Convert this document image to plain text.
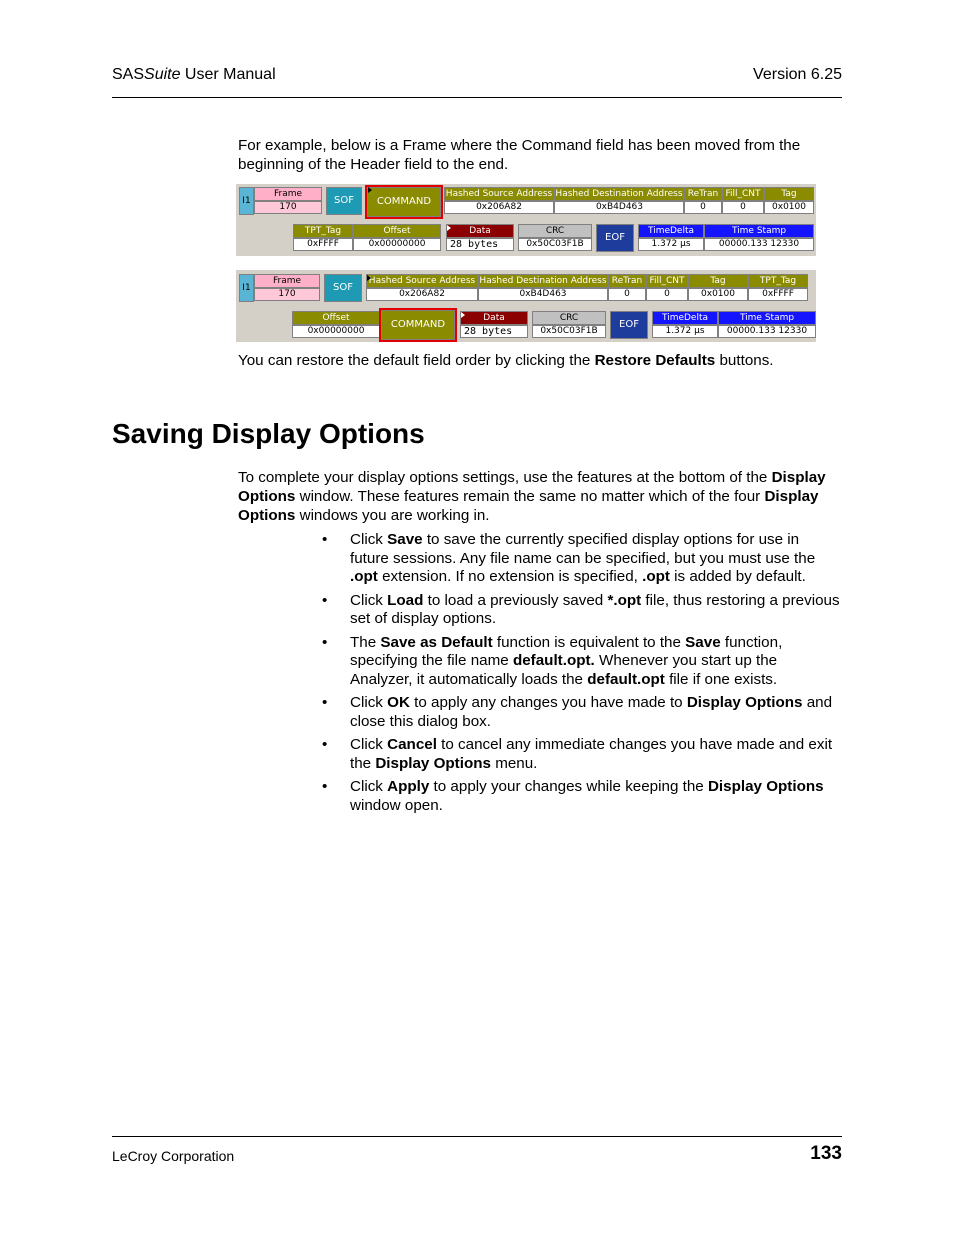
SASSuite User Manual	Version 6.25
For example, below is a Frame where the Command field has been moved from the beginning of the Header field to the end.
I1
Frame
170
SOF	COMMAND
Hashed Source Address
0x206A82
Hashed Destination Address
0xB4D463
ReTran
0
Fill_CNT
0
Tag
0x0100
TPT_Tag
0xFFFF
Offset
0x00000000
Data
28 bytes
CRC
0x50C03F1B
EOF
TimeDelta
1.372 µs
Time Stamp
00000.133 12330
I1
Frame
170
SOF
Hashed Source Address
0x206A82
Hashed Destination Address
0xB4D463
ReTran
0
Fill_CNT
0
Tag
0x0100
TPT_Tag
0xFFFF
Offset
0x00000000
COMMAND
Data
28 bytes
CRC
0x50C03F1B
EOF
TimeDelta
1.372 µs
Time Stamp
00000.133 12330
You can restore the default field order by clicking the Restore Defaults buttons.
Saving Display Options
To complete your display options settings, use the features at the bottom of the Display Options window. These features remain the same no matter which of the four Display Options windows you are working in.
• Click Save to save the currently specified display options for use in future sessions. Any file name can be specified, but you must use the .opt extension. If no extension is specified, .opt is added by default.
• Click Load to load a previously saved *.opt file, thus restoring a previous set of display options.
• The Save as Default function is equivalent to the Save function, specifying the file name default.opt. Whenever you start up the Analyzer, it automatically loads the default.opt file if one exists.
• Click OK to apply any changes you have made to Display Options and close this dialog box.
• Click Cancel to cancel any immediate changes you have made and exit the Display Options menu.
• Click Apply to apply your changes while keeping the Display Options window open.
LeCroy Corporation	133
